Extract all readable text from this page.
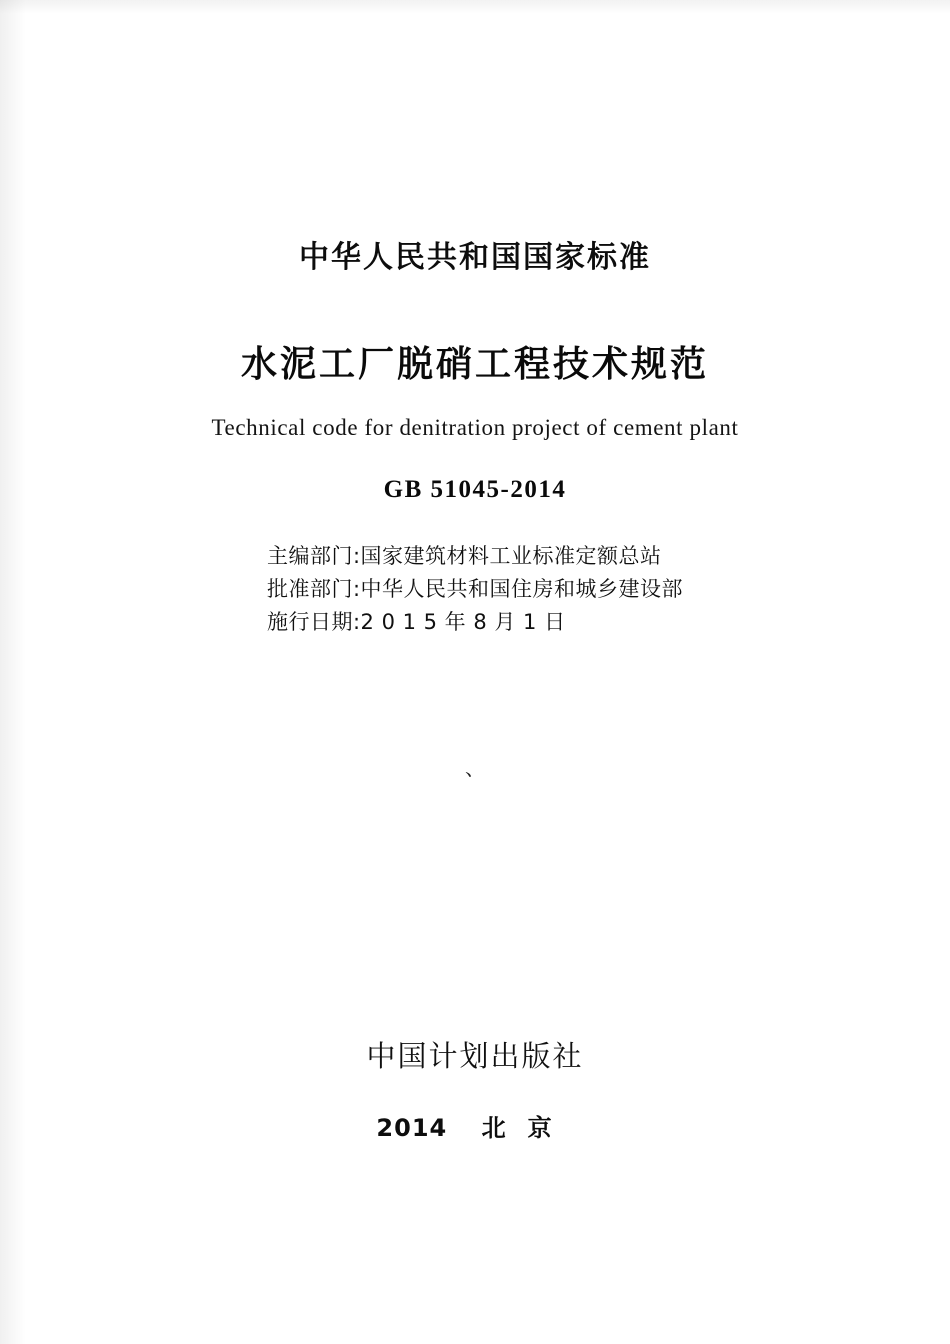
中华人民共和国国家标准
水泥工厂脱硝工程技术规范
Technical code for denitration project of cement plant
GB 51045-2014
主编部门:国家建筑材料工业标准定额总站
批准部门:中华人民共和国住房和城乡建设部
施行日期:2 0 1 5 年 8 月 1 日
、
中国计划出版社
2014 北京
